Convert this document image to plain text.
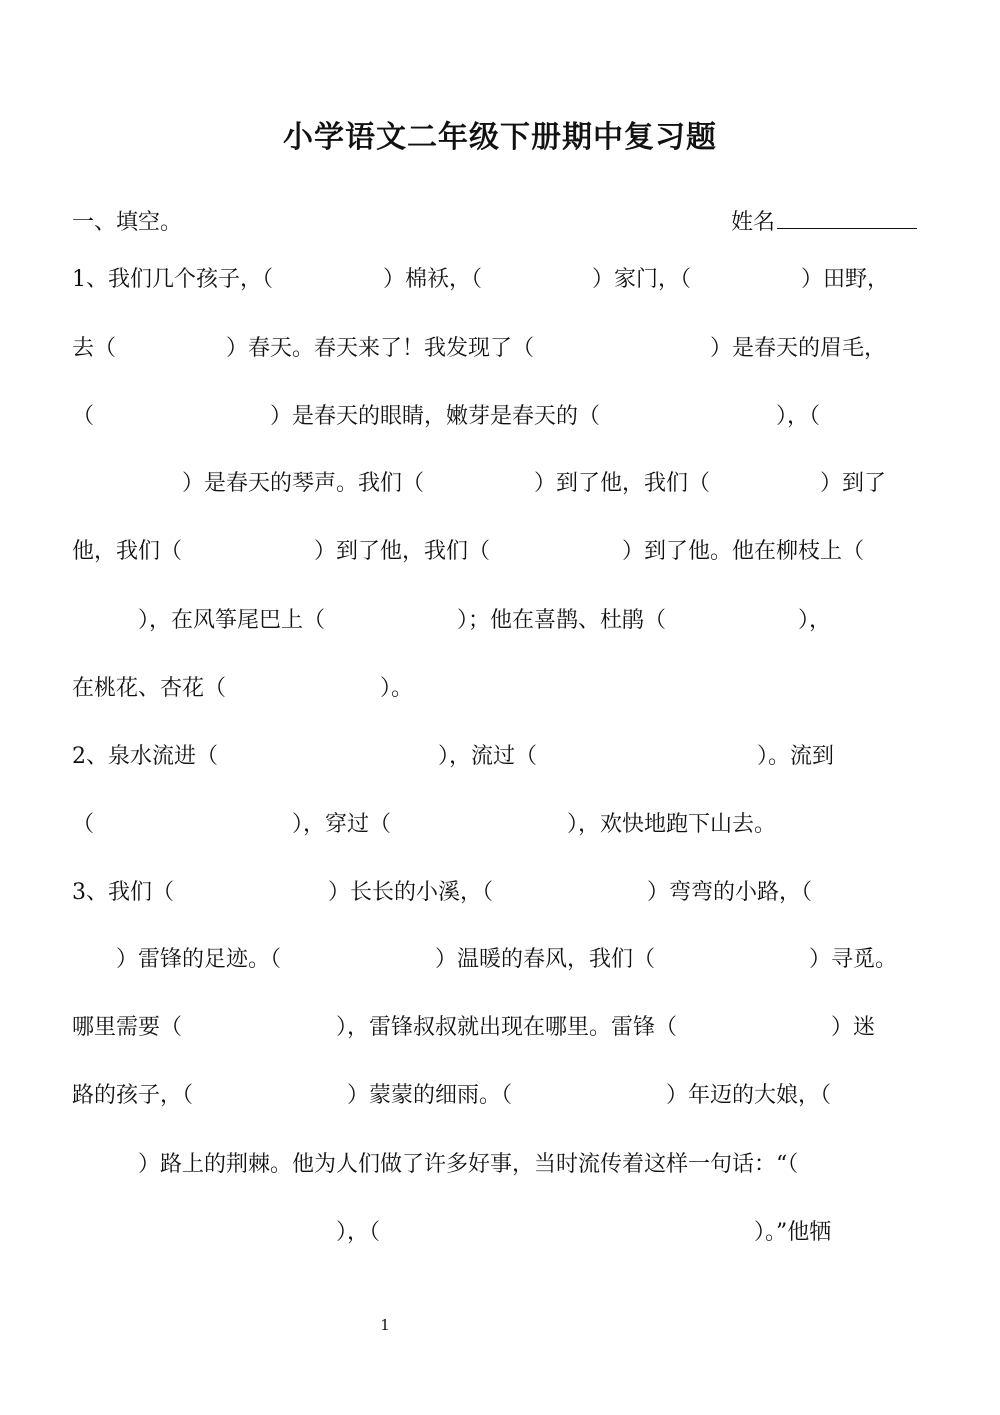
小学语文二年级下册期中复习题
一、填空。	姓名
1、我们几个孩子，（　　　　　）棉袄，（　　　　　）家门，（　　　　　）田野，
去（　　　　　）春天。春天来了！我发现了（　　　　　　　　）是春天的眉毛，
（　　　　　　　　）是春天的眼睛，嫩芽是春天的（　　　　　　　　），（
　　　　　）是春天的琴声。我们（　　　　　）到了他，我们（　　　　　）到了
他，我们（　　　　　　）到了他，我们（　　　　　　）到了他。他在柳枝上（
　　　），在风筝尾巴上（　　　　　　）；他在喜鹊、杜鹃（　　　　　　），
在桃花、杏花（　　　　　　　）。
2、泉水流进（　　　　　　　　　　），流过（　　　　　　　　　　）。流到
（　　　　　　　　　），穿过（　　　　　　　　），欢快地跑下山去。
3、我们（　　　　　　　）长长的小溪，（　　　　　　　）弯弯的小路，（
　　）雷锋的足迹。（　　　　　　　）温暖的春风，我们（　　　　　　　）寻觅。
哪里需要（　　　　　　　），雷锋叔叔就出现在哪里。雷锋（　　　　　　　）迷
路的孩子，（　　　　　　　）蒙蒙的细雨。（　　　　　　　）年迈的大娘，（
　　　）路上的荆棘。他为人们做了许多好事，当时流传着这样一句话：“（
　　　　　　　　　　　　），（　　　　　　　　　　　　　　　　　）。”他牺
1
